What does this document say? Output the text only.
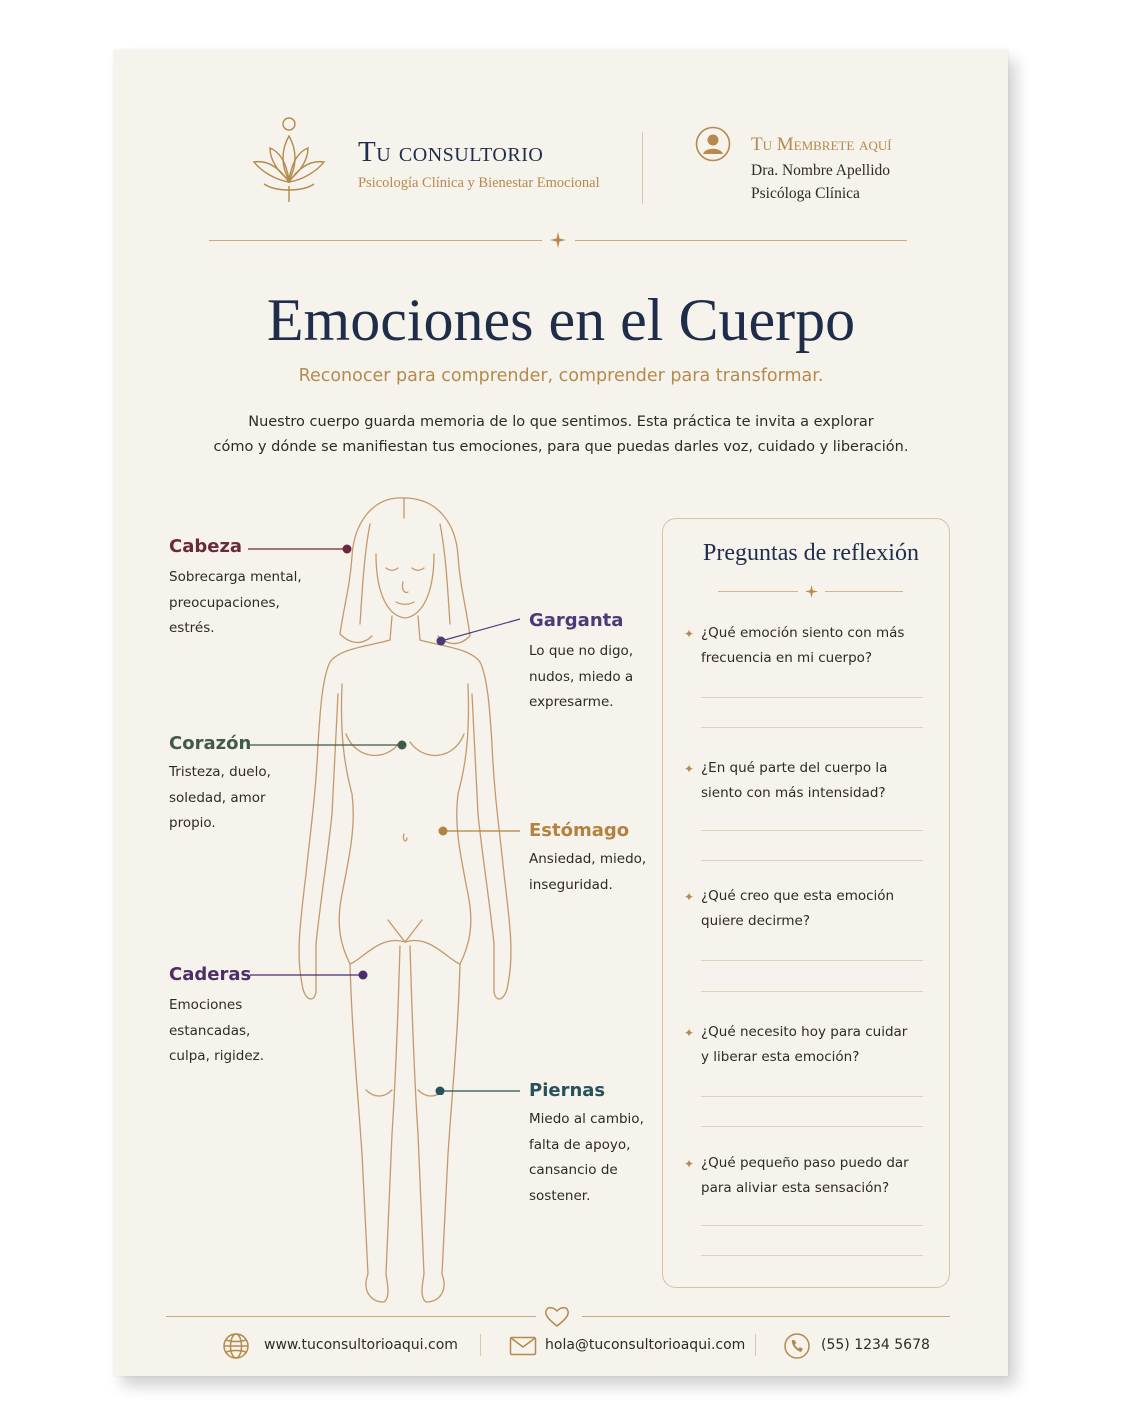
Tu consultorio
Psicología Clínica y Bienestar Emocional
Tu Membrete aquí
Dra. Nombre Apellido
Psicóloga Clínica
Emociones en el Cuerpo
Reconocer para comprender, comprender para transformar.
Nuestro cuerpo guarda memoria de lo que sentimos. Esta práctica te invita a explorar
cómo y dónde se manifiestan tus emociones, para que puedas darles voz, cuidado y liberación.
Cabeza
Sobrecarga mental,
preocupaciones,
estrés.	Garganta
Lo que no digo,
nudos, miedo a
expresarme.
Corazón
Tristeza, duelo,
soledad, amor
propio.	Estómago
Ansiedad, miedo,
inseguridad.
Caderas
Emociones
estancadas,
culpa, rigidez.
Piernas
Miedo al cambio,
falta de apoyo,
cansancio de
sostener.
Preguntas de reflexión
✦ ¿Qué emoción siento con más
frecuencia en mi cuerpo?
✦ ¿En qué parte del cuerpo la
siento con más intensidad?
✦ ¿Qué creo que esta emoción
quiere decirme?
✦ ¿Qué necesito hoy para cuidar
y liberar esta emoción?
✦ ¿Qué pequeño paso puedo dar
para aliviar esta sensación?
www.tuconsultorioaqui.com	hola@tuconsultorioaqui.com	(55) 1234 5678
